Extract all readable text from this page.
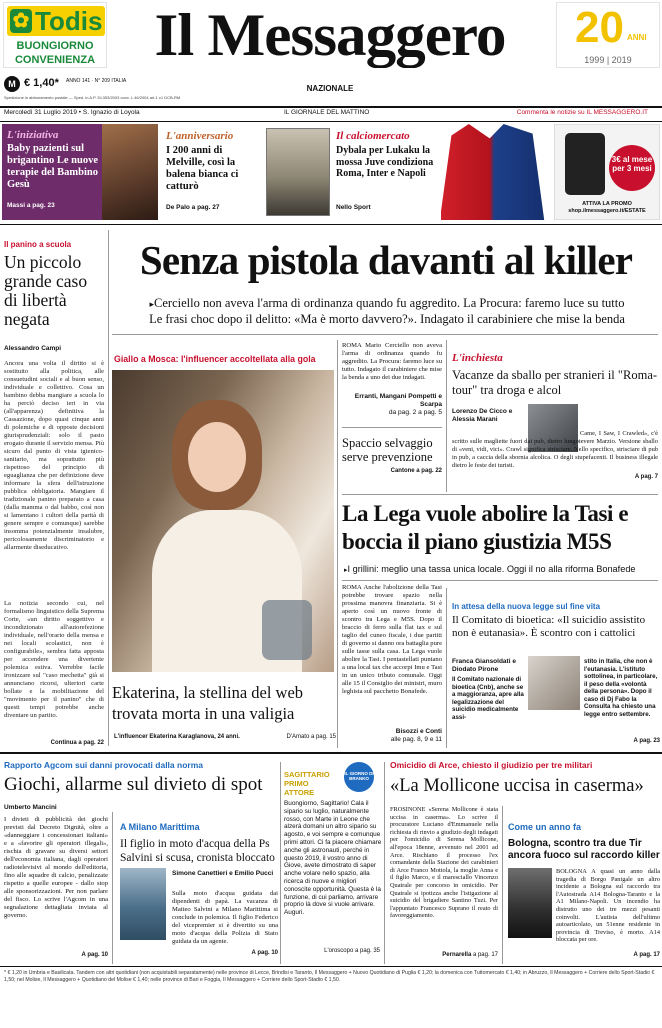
✿ Todis
BUONGIORNO
CONVENIENZA Il Messaggero
NAZIONALE
20 ANNI
1999 | 2019
M € 1,40* ANNO 141 · N° 209 ITALIA
Spedizione in abbonamento postale — Sped. in A.P. DL353/2003 conv. L.46/2004 art.1 c1 DCB-RM
Mercoledì 31 Luglio 2019 • S. Ignazio di Loyola	IL GIORNALE DEL MATTINO	Commenta le notizie su IL MESSAGGERO.IT
L'iniziativa
Baby pazienti sul brigantino Le nuove terapie del Bambino Gesù
Massi a pag. 23
L'anniversario
I 200 anni di Melville, così la balena bianca ci catturò
De Palo a pag. 27
Il calciomercato
Dybala per Lukaku la mossa Juve condiziona Roma, Inter e Napoli
Nello Sport
3€ al mese per 3 mesi
ATTIVA LA PROMO shop.ilmessaggero.it/ESTATE
Il panino a scuola
Un piccolo grande caso di libertà negata
Alessandro Campi
Ancora una volta il diritto si è sostituito alla politica, alle consuetudini sociali e al buon senso, individuale e collettivo. Cosa un bambino debba mangiare a scuola lo ha perciò deciso ieri in via (all'apparenza) definitiva la Cassazione, dopo quasi cinque anni di polemiche e di opposte decisioni giurisprudenziali: solo il pasto erogato durante il servizio mensa. Più sicuro dal punto di vista igienico-sanitario, ma soprattutto più rispettoso del principio di eguaglianza che per definizione deve informare la sfera dell'istruzione pubblica obbligatoria. Mangiare il tradizionale panino preparato a casa (dalla mamma o dal babbo, così non si lamentano i cultori della parità di genere sempre e comunque) sarebbe insomma potenzialmente insalubre, pericolosamente discriminatorio e allarmente diseducativo.
La notizia secondo cui, nel formalismo linguistico della Suprema Corte, «un diritto soggettivo e incondizionato all'autorefezione individuale, nell'orario della mensa e nei locali scolastici, non è configurabile», sembra fatta apposta per accendere una divertente polemica estiva. Verrebbe facile ironizzare sul "caso mechetta" già si annunciano ricorsi, ulteriori carte bollate e la mobilitazione del "movimento per il panino" che di questi tempi potrebbe anche diventare un partito.
Continua a pag. 22
Senza pistola davanti al killer
▸Cerciello non aveva l'arma di ordinanza quando fu aggredito. La Procura: faremo luce su tutto
Le frasi choc dopo il delitto: «Ma è morto davvero?». Indagato il carabiniere che mise la benda
Giallo a Mosca: l'influencer accoltellata alla gola
Ekaterina, la stellina del web trovata morta in una valigia
L'influencer Ekaterina Karaglanova, 24 anni.	D'Amato a pag. 15
ROMA Mario Cerciello non aveva l'arma di ordinanza quando fu aggredito. La Procura: faremo luce su tutto. Indagato il carabiniere che mise la benda a uno dei due indagati.
Erranti, Mangani Pompetti e Scarpa
da pag. 2 a pag. 5
Spaccio selvaggio serve prevenzione
Cantone a pag. 22
L'inchiesta
Vacanze da sballo per stranieri il "Roma-tour" tra droga e alcol
Lorenzo De Cicco e Alessia Marani
Came, I Saw, I Crawled», c'è scritto sulle magliette fuori dai pub, dietro lungotevere Marzio. Versione sballo di «veni, vidi, vici». Crawl significa strisciare. Nello specifico, strisciare di pub in pub, a caccia della sbornia alcolica. O degli stupefacenti. Il business illegale dietro le feste dei turisti.
A pag. 7
La Lega vuole abolire la Tasi e boccia il piano giustizia M5S
▸I grillini: meglio una tassa unica locale. Oggi il no alla riforma Bonafede
ROMA Anche l'abolizione della Tasi potrebbe trovare spazio nella prossima manovra finanziaria. Si è aperto così un nuovo fronte di scontro tra Lega e M5S. Dopo il braccio di ferro sulla flat tax e sul taglio del cuneo fiscale, i due partiti di governo si danno ora battaglia pure sulle tasse sulla casa. La Lega vuole abolire la Tasi. I pentastellati puntano a una local tax che accorpi Imu e Tasi in un unico tributo comunale. Oggi alle 15 il Consiglio dei ministri, muro leghista sul pacchetto Bonafede.
Bisozzi e Conti
alle pag. 8, 9 e 11
In attesa della nuova legge sul fine vita
Il Comitato di bioetica: «Il suicidio assistito non è eutanasia». È scontro con i cattolici
Franca Giansoldati e Diodato Pirone
Il Comitato nazionale di bioetica (Cnb), anche se a maggioranza, apre alla legalizzazione del suicidio medicalmente assi-
stito in Italia, che non è l'eutanasia. L'istituto sottolinea, in particolare, il peso della «volontà della persona». Dopo il caso di Dj Fabo la Consulta ha chiesto una legge entro settembre.
A pag. 23
Rapporto Agcom sui danni provocati dalla norma
Giochi, allarme sul divieto di spot
Umberto Mancini
I divieti di pubblicità dei giochi previsti dal Decreto Dignità, oltre a «danneggiare i concessionari italiani» e a «favorire gli operatori illegali», rischia di gravare su diversi settori dell'economia italiana, dagli operatori radiotelevisivi al mondo dell'editoria, fino alle squadre di calcio, penalizzate rispetto a quelle europee - dallo stop alle sponsorizzazioni. Per non parlare del fisco. Lo scrive l'Agcom in una segnalazione dettagliata inviata al governo.
A pag. 10
A Milano Marittima
Il figlio in moto d'acqua della Ps Salvini si scusa, cronista bloccato
Simone Canettieri e Emilio Pucci
Sulla moto d'acqua guidata dai dipendenti di papà. La vacanza di Matteo Salvini a Milano Marittima si conclude in polemica. Il figlio Federico del vicepremier si è divertito su una moto d'acqua della Polizia di Stato guidata da un agente.
A pag. 10
SAGITTARIO PRIMO ATTORE
IL GIORNO DI BRANKO
Buongiorno, Sagittario! Cala il sipario su luglio, naturalmente rosso, con Marte in Leone che alzerà domani un altro sipario su agosto, e voi sempre e comunque primi attori. Ci fa piacere chiamare anche gli astronauti, perché in questo 2019, il vostro anno di Giove, avete dimostrato di saper anche volare nello spazio, alla ricerca di nuove e migliori conoscite opportunità. Questa è la funzione, di cui parliamo, arrivare proprio là dove si vuole arrivare. Auguri.
L'oroscopo a pag. 35
Omicidio di Arce, chiesto il giudizio per tre militari
«La Mollicone uccisa in caserma»
FROSINONE «Serena Mollicone è stata uccisa in caserma». Lo scrive il procuratore Luciano d'Emmanuele nella richiesta di rinvio a giudizio degli indagati per l'omicidio di Serena Mollicone, all'epoca 18enne, avvenuto nel 2001 ad Arce. Rischiano il processo l'ex comandante della Stazione dei carabinieri di Arce Franco Mottola, la moglie Anna e il figlio Marco, e il maresciallo Vincenzo Quatrale per concorso in omicidio. Per Quatrale si ipotizza anche l'istigazione al suicidio del brigadiere Santino Tuzi. Per l'appuntato Francesco Suprano il reato di favoreggiamento.
Pernarella a pag. 17
Come un anno fa
Bologna, scontro tra due Tir ancora fuoco sul raccordo killer
BOLOGNA A quasi un anno dalla tragedia di Borgo Panigale un altro incidente a Bologna sul raccordo tra l'Autostrada A14 Bologna-Taranto e la A1 Milano-Napoli. Un incendio ha distrutto uno dei tre mezzi pesanti coinvolti. L'autista dell'ultimo autoarticolato, un 51enne residente in provincia di Treviso, è morto. A14 bloccata per ore.
A pag. 17
* € 1,20 in Umbria e Basilicata. Tandem con altri quotidiani (non acquistabili separatamente) nelle province di Lecce, Brindisi e Taranto, Il Messaggero + Nuovo Quotidiano di Puglia € 1,20; la domenica con Tuttomercato € 1,40; in Abruzzo, Il Messaggero + Corriere dello Sport-Stadio € 1,50; nel Molise, Il Messaggero + Quotidiano del Molise € 1,40; nelle province di Bari e Foggia, Il Messaggero + Corriere dello Sport-Stadio € 1,50.
